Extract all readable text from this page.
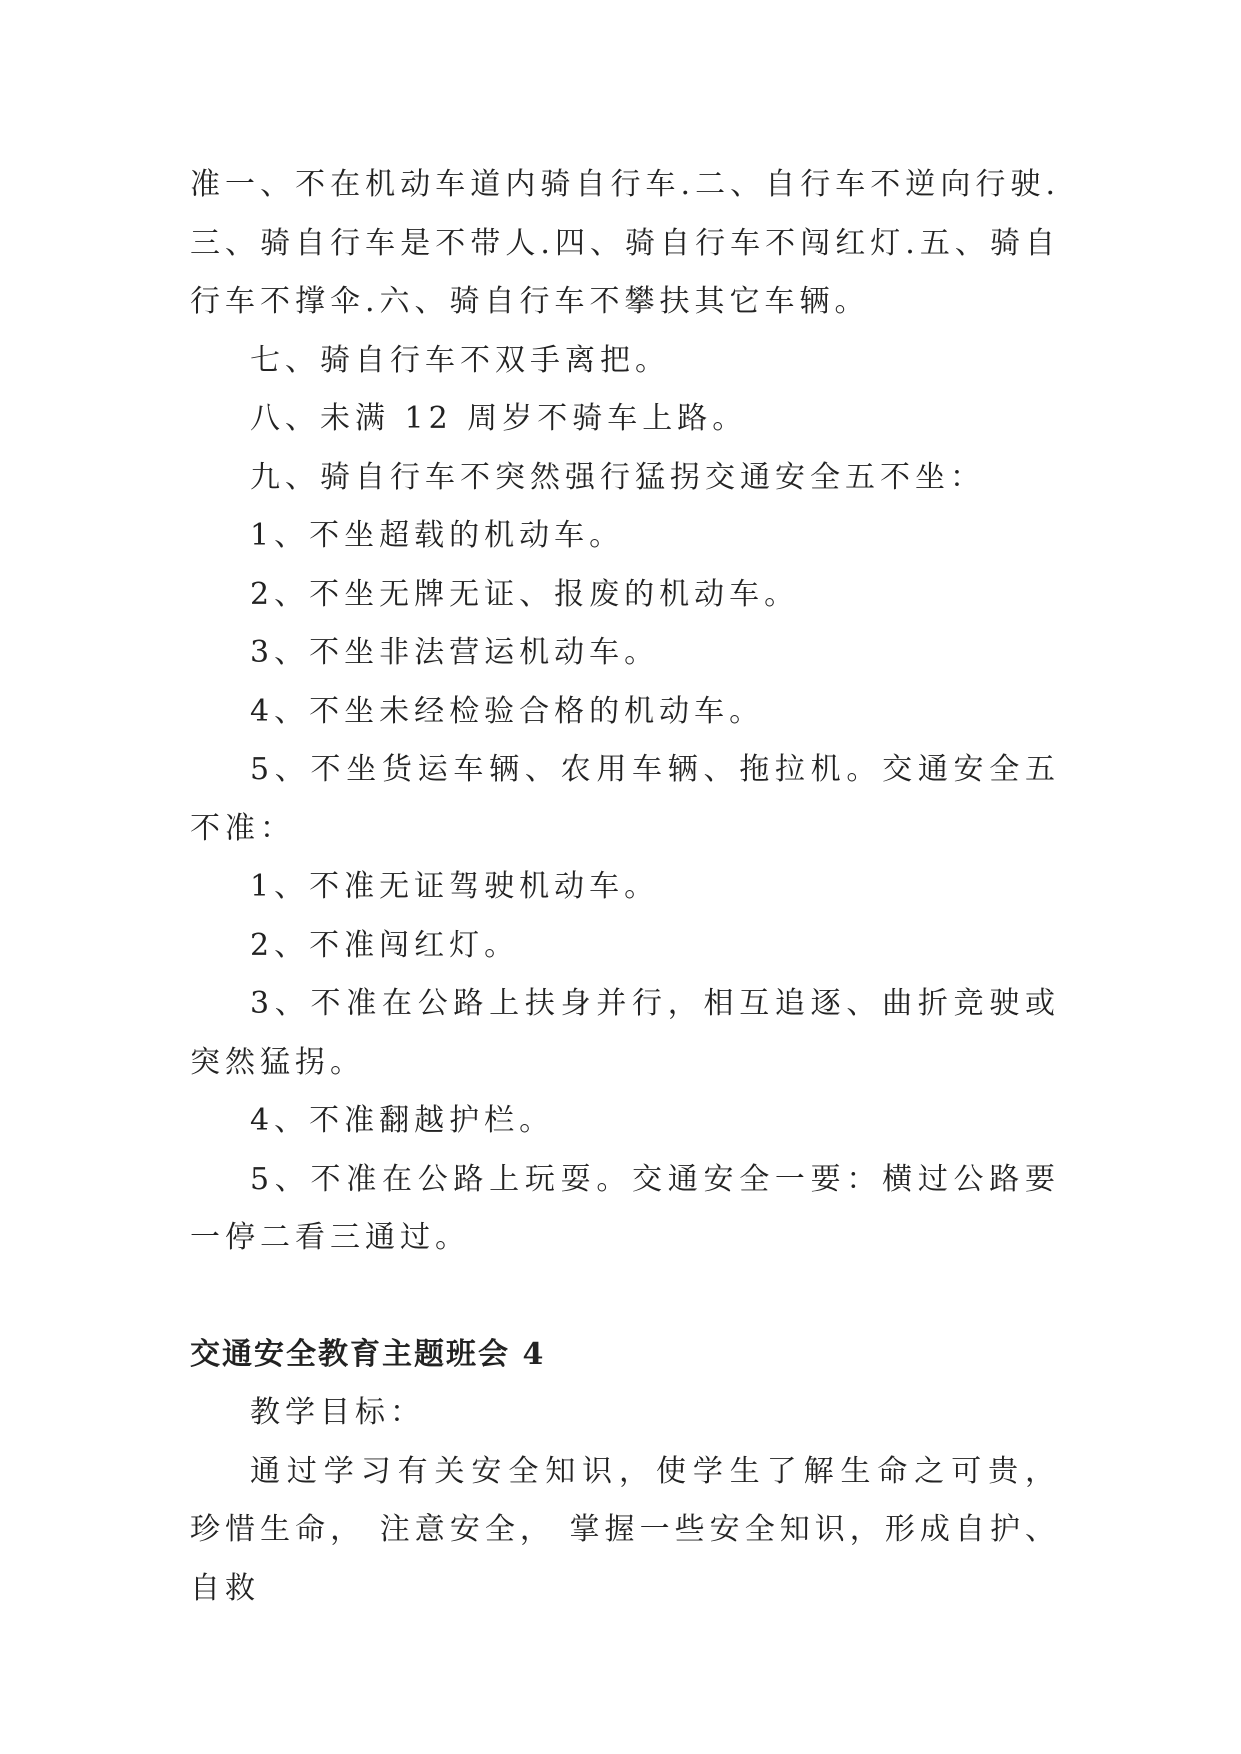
准一、不在机动车道内骑自行车.二、自行车不逆向行驶.三、骑自行车是不带人.四、骑自行车不闯红灯.五、骑自行车不撑伞.六、骑自行车不攀扶其它车辆。

七、骑自行车不双手离把。

八、未满 12 周岁不骑车上路。

九、骑自行车不突然强行猛拐交通安全五不坐：

1、不坐超载的机动车。

2、不坐无牌无证、报废的机动车。

3、不坐非法营运机动车。

4、不坐未经检验合格的机动车。

5、不坐货运车辆、农用车辆、拖拉机。交通安全五不准：

1、不准无证驾驶机动车。

2、不准闯红灯。

3、不准在公路上扶身并行，相互追逐、曲折竞驶或突然猛拐。

4、不准翻越护栏。

5、不准在公路上玩耍。交通安全一要：横过公路要一停二看三通过。

交通安全教育主题班会 4

教学目标：

通过学习有关安全知识，使学生了解生命之可贵， 珍惜生命， 注意安全， 掌握一些安全知识，形成自护、自救
